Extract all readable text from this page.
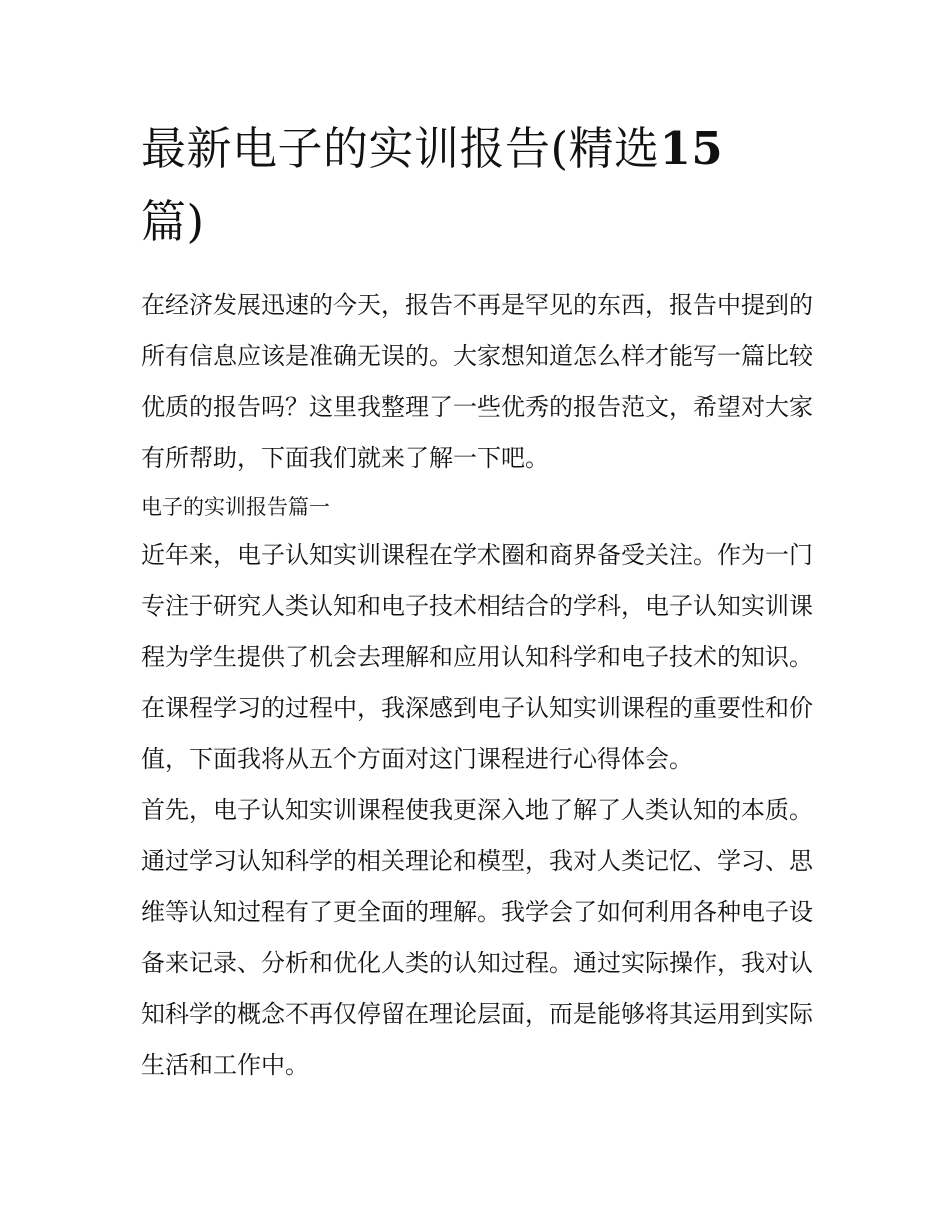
最新电子的实训报告(精选15
篇)

在经济发展迅速的今天，报告不再是罕见的东西，报告中提到的所有信息应该是准确无误的。大家想知道怎么样才能写一篇比较优质的报告吗？这里我整理了一些优秀的报告范文，希望对大家有所帮助，下面我们就来了解一下吧。

电子的实训报告篇一

近年来，电子认知实训课程在学术圈和商界备受关注。作为一门专注于研究人类认知和电子技术相结合的学科，电子认知实训课程为学生提供了机会去理解和应用认知科学和电子技术的知识。在课程学习的过程中，我深感到电子认知实训课程的重要性和价值，下面我将从五个方面对这门课程进行心得体会。

首先，电子认知实训课程使我更深入地了解了人类认知的本质。通过学习认知科学的相关理论和模型，我对人类记忆、学习、思维等认知过程有了更全面的理解。我学会了如何利用各种电子设备来记录、分析和优化人类的认知过程。通过实际操作，我对认知科学的概念不再仅停留在理论层面，而是能够将其运用到实际生活和工作中。
